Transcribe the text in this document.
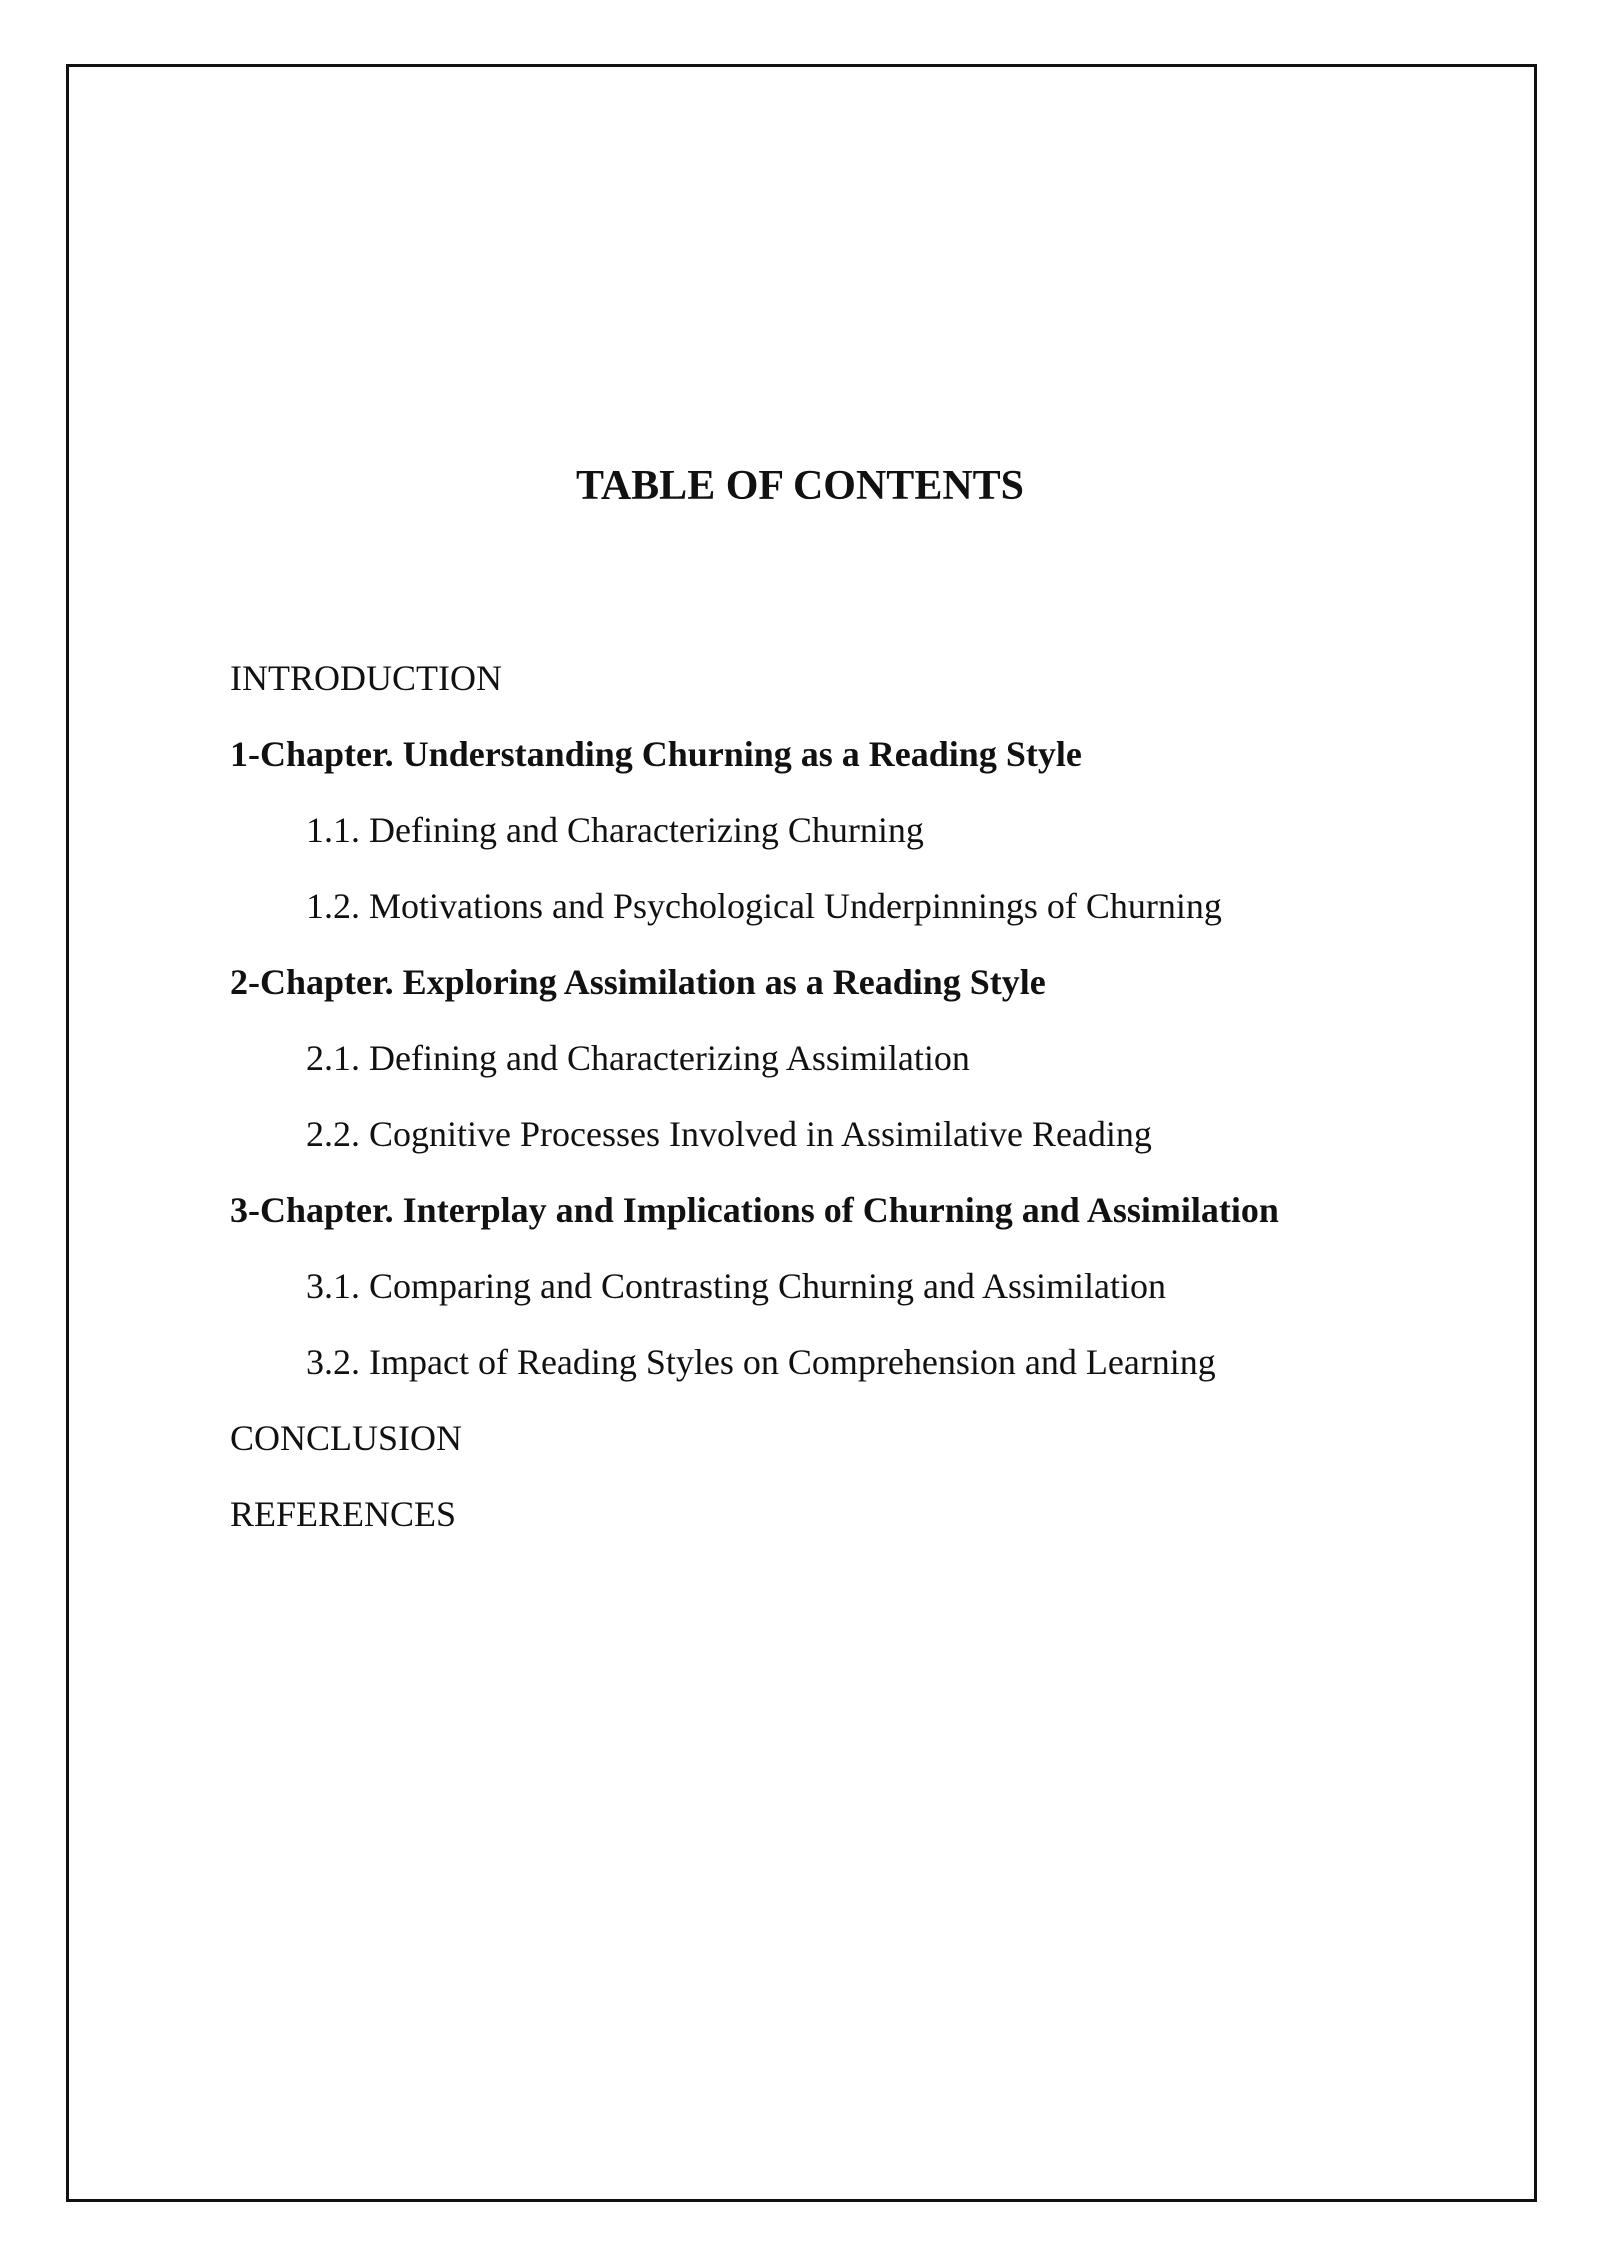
TABLE OF CONTENTS
INTRODUCTION
1-Chapter. Understanding Churning as a Reading Style
1.1. Defining and Characterizing Churning
1.2. Motivations and Psychological Underpinnings of Churning
2-Chapter. Exploring Assimilation as a Reading Style
2.1. Defining and Characterizing Assimilation
2.2. Cognitive Processes Involved in Assimilative Reading
3-Chapter. Interplay and Implications of Churning and Assimilation
3.1. Comparing and Contrasting Churning and Assimilation
3.2. Impact of Reading Styles on Comprehension and Learning
CONCLUSION
REFERENCES
